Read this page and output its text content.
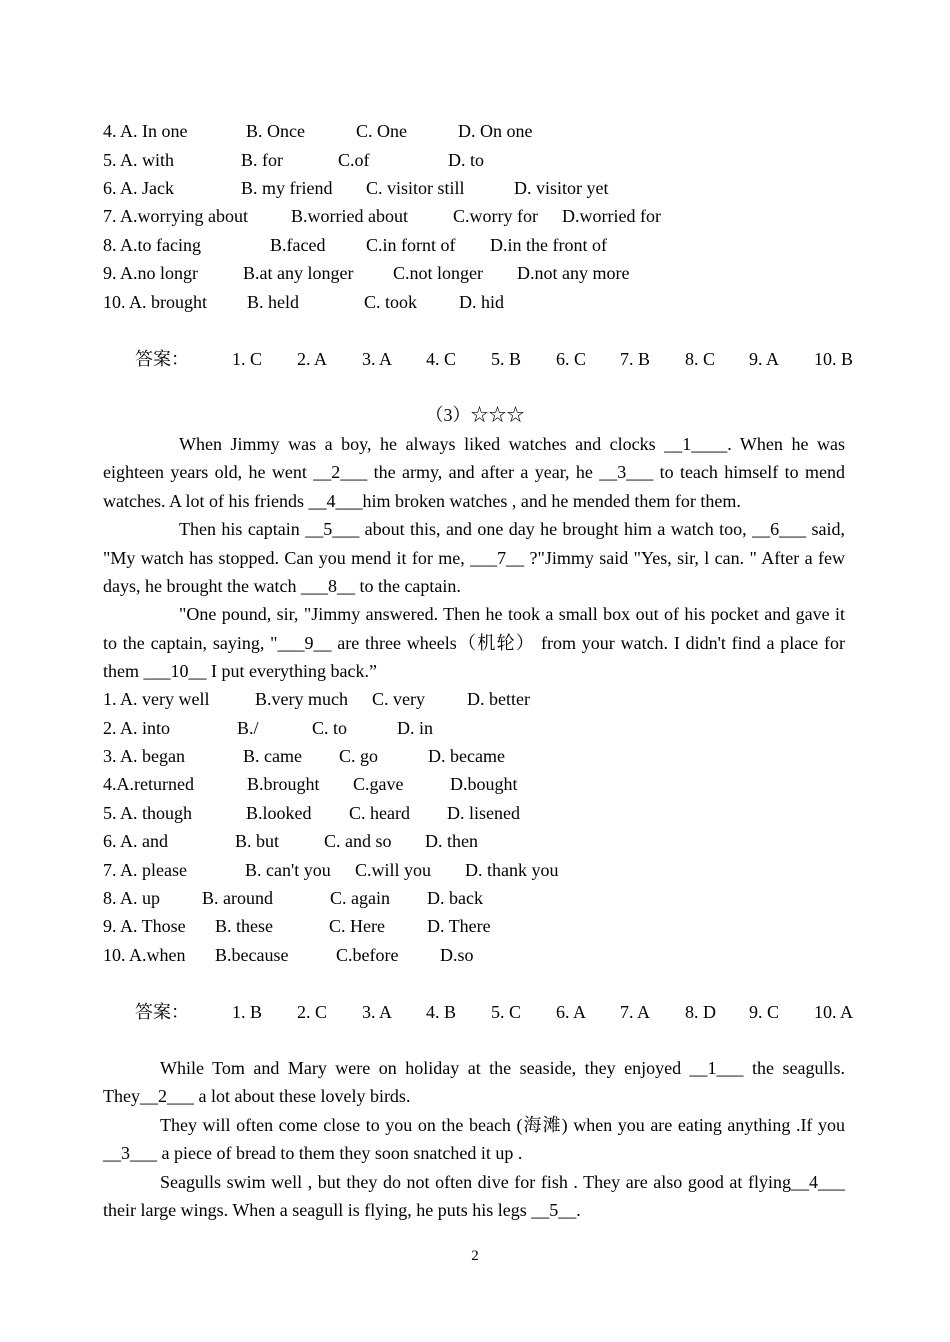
4. A. In one	B. Once	C. One	D. On one
5. A. with	B. for	C.of	D. to
6. A. Jack	B. my friend C. visitor still	D. visitor yet
7. A.worrying about B.worried about	C.worry for D.worried for
8. A.to facing	B.faced C.in fornt of D.in the front of
9. A.no longr B.at any longer C.not longer D.not any more
10. A. brought B. held	C. took D. hid
答案： 1. C 2. A 3. A 4. C 5. B 6. C 7. B 8. C 9. A 10. B
（3）☆☆☆

When Jimmy was a boy, he always liked watches and clocks __1____. When he was eighteen years old, he went __2___ the army, and after a year, he __3___ to teach himself to mend watches. A lot of his friends __4___him broken watches , and he mended them for them.

Then his captain __5___ about this, and one day he brought him a watch too, __6___ said, "My watch has stopped. Can you mend it for me, ___7__ ?"Jimmy said "Yes, sir, l can. " After a few days, he brought the watch ___8__ to the captain.

"One pound, sir, "Jimmy answered. Then he took a small box out of his pocket and gave it to the captain, saying, "___9__ are three wheels（机轮） from your watch. I didn't find a place for them ___10__ I put everything back.”

1. A. very well	B.very much C. very D. better
2. A. into	B./	C. to	D. in
3. A. began	B. came C. go	D. became
4.A.returned	B.brought C.gave	D.bought
5. A. though	B.looked C. heard D. lisened
6. A. and	B. but C. and so D. then
7. A. please	B. can't you C.will you D. thank you
8. A. up B. around	C. again D. back
9. A. Those B. these	C. Here D. There
10. A.when B.because	C.before D.so
答案： 1. B 2. C 3. A 4. B 5. C 6. A 7. A 8. D 9. C 10. A

While Tom and Mary were on holiday at the seaside, they enjoyed __1___ the seagulls. They__2___ a lot about these lovely birds.

They will often come close to you on the beach (海滩) when you are eating anything .If you __3___ a piece of bread to them they soon snatched it up .

Seagulls swim well , but they do not often dive for fish . They are also good at flying__4___ their large wings. When a seagull is flying, he puts his legs __5__.

2
